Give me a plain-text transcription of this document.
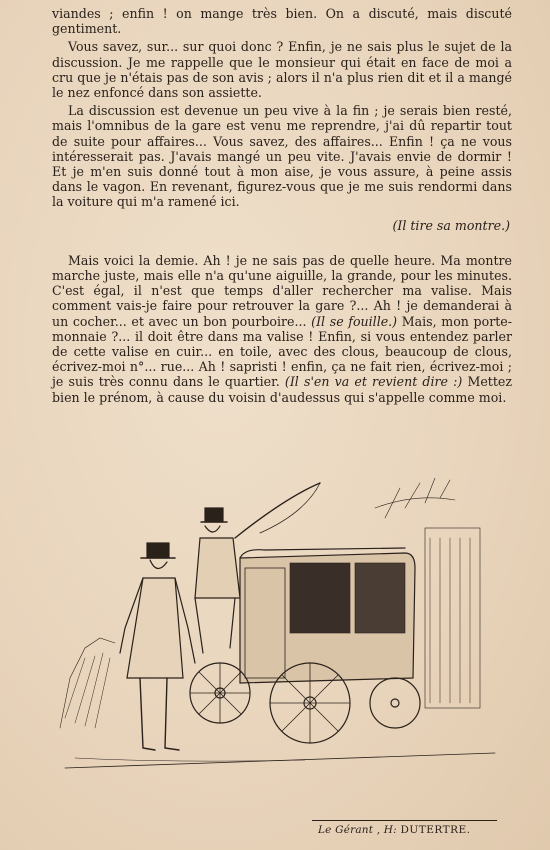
viandes ; enfin ! on mange très bien. On a discuté, mais discuté gentiment.

Vous savez, sur... sur quoi donc ? Enfin, je ne sais plus le sujet de la discussion. Je me rappelle que le monsieur qui était en face de moi a cru que je n'étais pas de son avis ; alors il n'a plus rien dit et il a mangé le nez enfoncé dans son assiette.

La discussion est devenue un peu vive à la fin ; je serais bien resté, mais l'omnibus de la gare est venu me reprendre, j'ai dû repartir tout de suite pour affaires... Vous savez, des affaires... Enfin ! ça ne vous intéresserait pas. J'avais mangé un peu vite. J'avais envie de dormir ! Et je m'en suis donné tout à mon aise, je vous assure, à peine assis dans le vagon. En revenant, figurez-vous que je me suis rendormi dans la voiture qui m'a ramené ici.

(Il tire sa montre.)

Mais voici la demie. Ah ! je ne sais pas de quelle heure. Ma montre marche juste, mais elle n'a qu'une aiguille, la grande, pour les minutes. C'est égal, il n'est que temps d'aller rechercher ma valise. Mais comment vais-je faire pour retrouver la gare ?... Ah ! je demanderai à un cocher... et avec un bon pourboire... (Il se fouille.) Mais, mon porte-monnaie ?... il doit être dans ma valise ! Enfin, si vous entendez parler de cette valise en cuir... en toile, avec des clous, beaucoup de clous, écrivez-moi n°... rue... Ah ! sapristi ! enfin, ça ne fait rien, écrivez-moi ; je suis très connu dans le quartier. (Il s'en va et revient dire :) Mettez bien le prénom, à cause du voisin d'audessus qui s'appelle comme moi.

Le Gérant , H: DUTERTRE.
